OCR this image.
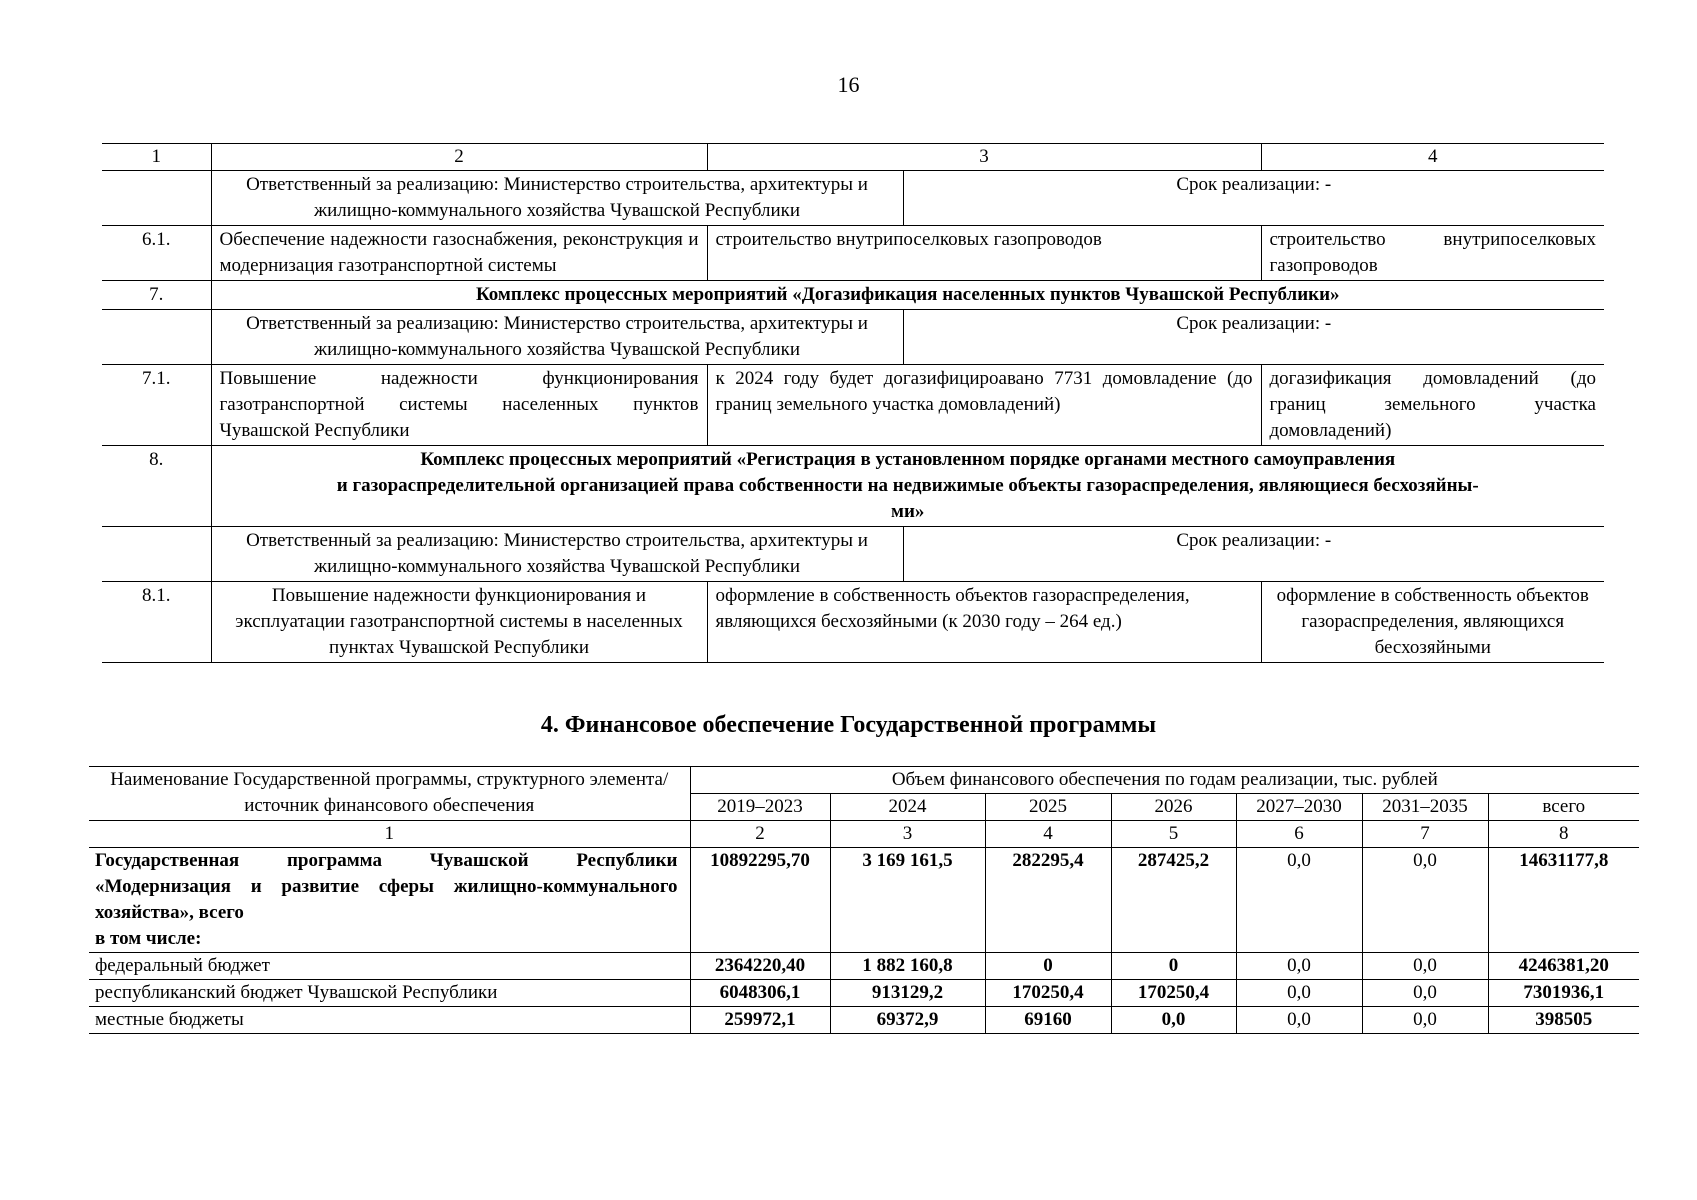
16
1	2	3		4
	Ответственный за реализацию: Министерство строительства, архитектуры и жилищно-коммунального хозяйства Чувашской Республики		Срок реализации: -	
6.1.	Обеспечение надежности газоснабжения, реконструкция и модернизация газотранспортной системы	строительство внутрипоселковых газопроводов		строительство внутрипоселковых газопроводов
7.	Комплекс процессных мероприятий «Догазификация населенных пунктов Чувашской Республики»			
	Ответственный за реализацию: Министерство строительства, архитектуры и жилищно-коммунального хозяйства Чувашской Республики		Срок реализации: -	
7.1.	Повышение надежности функционирования газотранспортной системы населенных пунктов Чувашской Республики	к 2024 году будет догазифицироавано 7731 домовладение (до границ земельного участка домовладений)		догазификация домовладений (до границ земельного участка домовладений)
8.	Комплекс процессных мероприятий «Регистрация в установленном порядке органами местного самоуправления
и газораспределительной организацией права собственности на недвижимые объекты газораспределения, являющиеся бесхозяйны-
ми»			

	Ответственный за реализацию: Министерство строительства, архитектуры и жилищно-коммунального хозяйства Чувашской Республики		Срок реализации: -	
8.1.	Повышение надежности функционирования и эксплуатации газотранспортной системы в населенных пунктах Чувашской Республики	оформление в собственность объектов газораспределения, являющихся бесхозяйными (к 2030 году – 264 ед.)		оформление в собственность объектов газораспределения, являющихся бесхозяйными
4. Финансовое обеспечение Государственной программы
Наименование Государственной программы, структурного элемента/источник финансового обеспечения	Объем финансового обеспечения по годам реализации, тыс. рублей						
	2019–2023	2024	2025	2026	2027–2030	2031–2035	всего
1	2	3	4	5	6	7	8

Государственная программа Чувашской Республики «Модернизация и развитие сферы жилищно-коммунального хозяйства», всего
в том числе:	10892295,70	3 169 161,5	282295,4	287425,2	0,0	0,0	14631177,8
федеральный бюджет	2364220,40	1 882 160,8	0	0	0,0	0,0	4246381,20
республиканский бюджет Чувашской Республики	6048306,1	913129,2	170250,4	170250,4	0,0	0,0	7301936,1
местные бюджеты	259972,1	69372,9	69160	0,0	0,0	0,0	398505
